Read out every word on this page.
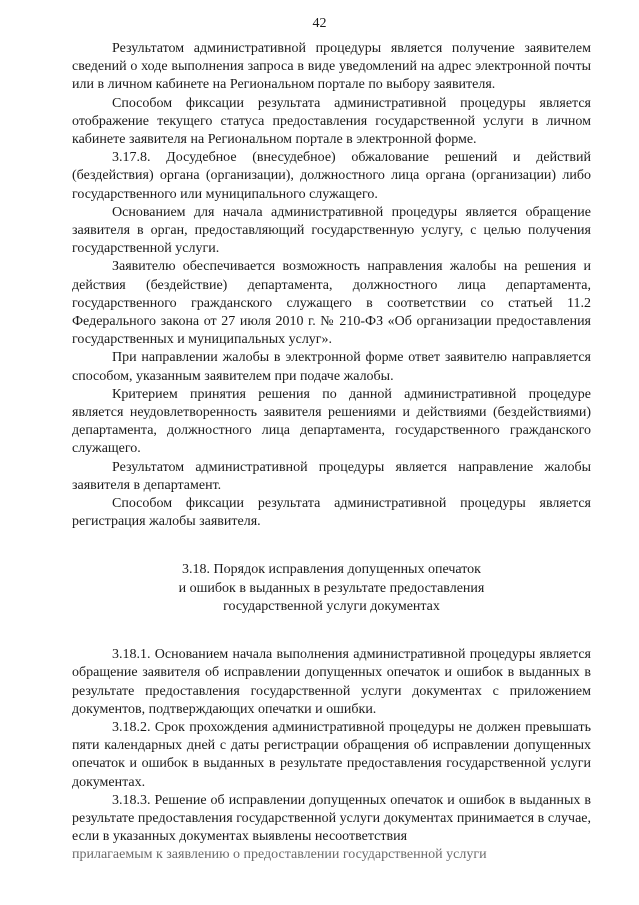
42

Результатом административной процедуры является получение заявителем сведений о ходе выполнения запроса в виде уведомлений на адрес электронной почты или в личном кабинете на Региональном портале по выбору заявителя.

Способом фиксации результата административной процедуры является отображение текущего статуса предоставления государственной услуги в личном кабинете заявителя на Региональном портале в электронной форме.

3.17.8. Досудебное (внесудебное) обжалование решений и действий (бездействия) органа (организации), должностного лица органа (организации) либо государственного или муниципального служащего.

Основанием для начала административной процедуры является обращение заявителя в орган, предоставляющий государственную услугу, с целью получения государственной услуги.

Заявителю обеспечивается возможность направления жалобы на решения и действия (бездействие) департамента, должностного лица департамента, государственного гражданского служащего в соответствии со статьей 11.2 Федерального закона от 27 июля 2010 г. № 210-ФЗ «Об организации предоставления государственных и муниципальных услуг».

При направлении жалобы в электронной форме ответ заявителю направляется способом, указанным заявителем при подаче жалобы.

Критерием принятия решения по данной административной процедуре является неудовлетворенность заявителя решениями и действиями (бездействиями) департамента, должностного лица департамента, государственного гражданского служащего.

Результатом административной процедуры является направление жалобы заявителя в департамент.

Способом фиксации результата административной процедуры является регистрация жалобы заявителя.

3.18. Порядок исправления допущенных опечаток
и ошибок в выданных в результате предоставления
государственной услуги документах

3.18.1. Основанием начала выполнения административной процедуры является обращение заявителя об исправлении допущенных опечаток и ошибок в выданных в результате предоставления государственной услуги документах с приложением документов, подтверждающих опечатки и ошибки.

3.18.2. Срок прохождения административной процедуры не должен превышать пяти календарных дней с даты регистрации обращения об исправлении допущенных опечаток и ошибок в выданных в результате предоставления государственной услуги документах.

3.18.3. Решение об исправлении допущенных опечаток и ошибок в выданных в результате предоставления государственной услуги документах принимается в случае, если в указанных документах выявлены несоответствия

прилагаемым к заявлению о предоставлении государственной услуги
